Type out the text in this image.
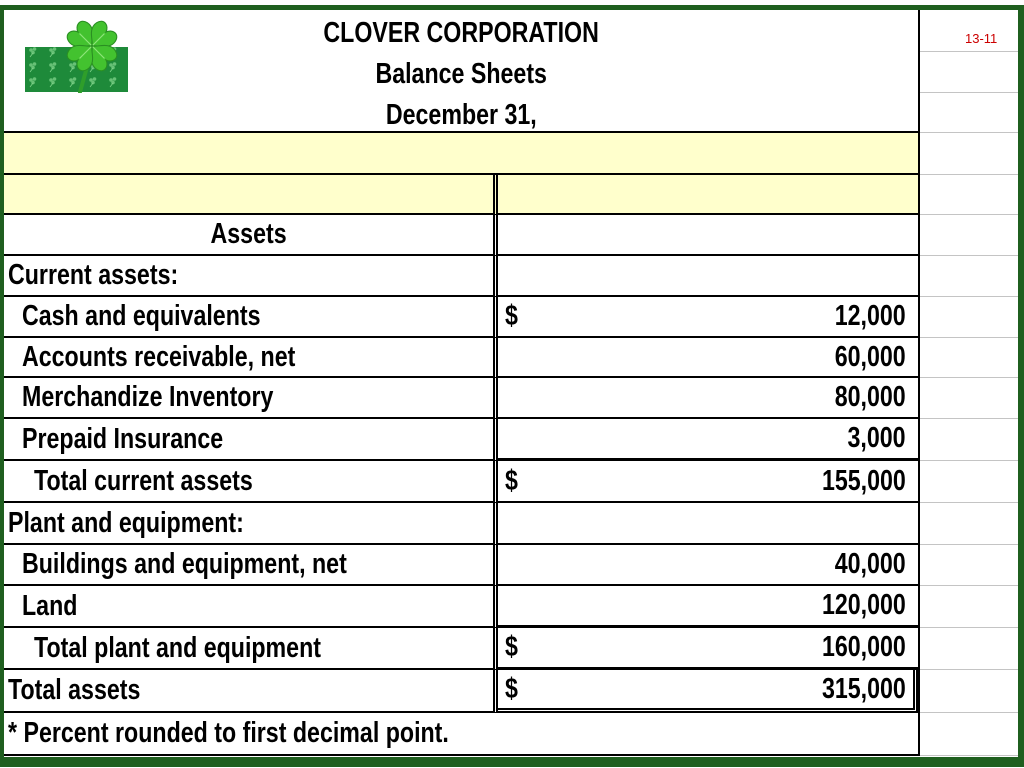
CLOVER CORPORATION
Balance Sheets
December 31,
13-11
Assets
Current assets:
Cash and equivalents	$	12,000
Accounts receivable, net	60,000
Merchandize Inventory	80,000
Prepaid Insurance	3,000
Total current assets	$	155,000
Plant and equipment:
Buildings and equipment, net	40,000
Land	120,000
Total plant and equipment	$	160,000
Total assets	$	315,000
* Percent rounded to first decimal point.
